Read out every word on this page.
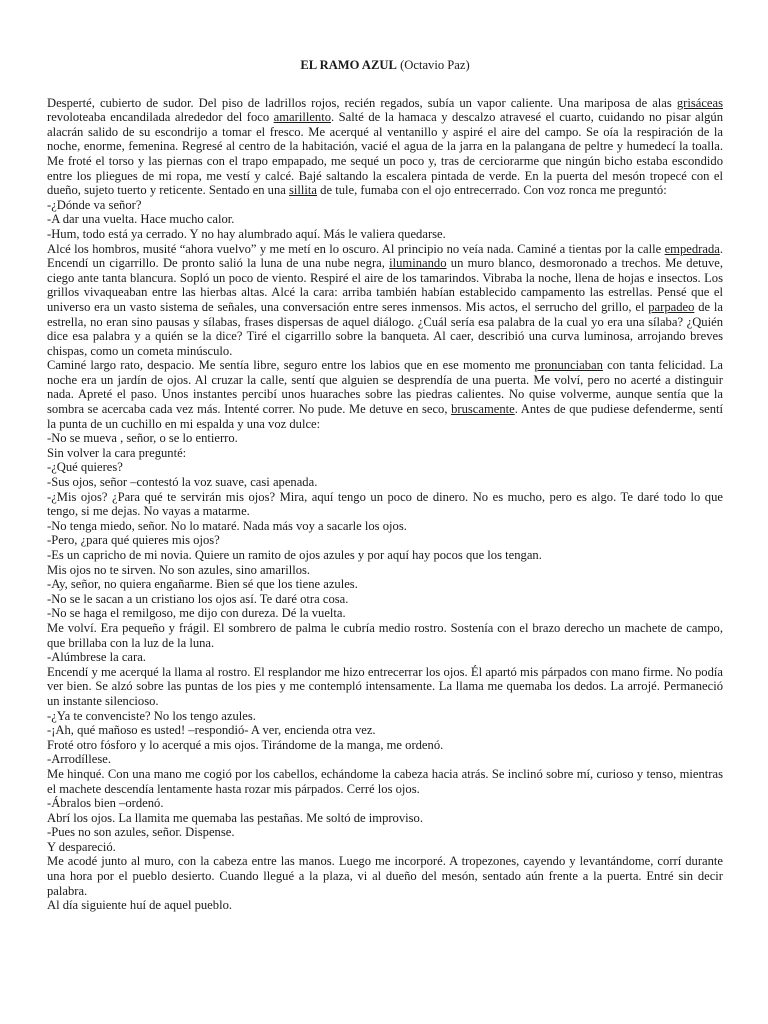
EL RAMO AZUL (Octavio Paz)

Desperté, cubierto de sudor. Del piso de ladrillos rojos, recién regados, subía un vapor caliente. Una mariposa de alas grisáceas revoloteaba encandilada alrededor del foco amarillento. Salté de la hamaca y descalzo atravesé el cuarto, cuidando no pisar algún alacrán salido de su escondrijo a tomar el fresco. Me acerqué al ventanillo y aspiré el aire del campo. Se oía la respiración de la noche, enorme, femenina. Regresé al centro de la habitación, vacié el agua de la jarra en la palangana de peltre y humedecí la toalla. Me froté el torso y las piernas con el trapo empapado, me sequé un poco y, tras de cerciorarme que ningún bicho estaba escondido entre los pliegues de mi ropa, me vestí y calcé. Bajé saltando la escalera pintada de verde. En la puerta del mesón tropecé con el dueño, sujeto tuerto y reticente. Sentado en una sillita de tule, fumaba con el ojo entrecerrado. Con voz ronca me preguntó:

-¿Dónde va señor?

-A dar una vuelta. Hace mucho calor.

-Hum, todo está ya cerrado. Y no hay alumbrado aquí. Más le valiera quedarse.

Alcé los hombros, musité “ahora vuelvo” y me metí en lo oscuro. Al principio no veía nada. Caminé a tientas por la calle empedrada. Encendí un cigarrillo. De pronto salió la luna de una nube negra, iluminando un muro blanco, desmoronado a trechos. Me detuve, ciego ante tanta blancura. Sopló un poco de viento. Respiré el aire de los tamarindos. Vibraba la noche, llena de hojas e insectos. Los grillos vivaqueaban entre las hierbas altas. Alcé la cara: arriba también habían establecido campamento las estrellas. Pensé que el universo era un vasto sistema de señales, una conversación entre seres inmensos. Mis actos, el serrucho del grillo, el parpadeo de la estrella, no eran sino pausas y sílabas, frases dispersas de aquel diálogo. ¿Cuál sería esa palabra de la cual yo era una sílaba? ¿Quién dice esa palabra y a quién se la dice? Tiré el cigarrillo sobre la banqueta. Al caer, describió una curva luminosa, arrojando breves chispas, como un cometa minúsculo.

Caminé largo rato, despacio. Me sentía libre, seguro entre los labios que en ese momento me pronunciaban con tanta felicidad. La noche era un jardín de ojos. Al cruzar la calle, sentí que alguien se desprendía de una puerta. Me volví, pero no acerté a distinguir nada. Apreté el paso. Unos instantes percibí unos huaraches sobre las piedras calientes. No quise volverme, aunque sentía que la sombra se acercaba cada vez más. Intenté correr. No pude. Me detuve en seco, bruscamente. Antes de que pudiese defenderme, sentí la punta de un cuchillo en mi espalda y una voz dulce:

-No se mueva , señor, o se lo entierro.

Sin volver la cara pregunté:

-¿Qué quieres?

-Sus ojos, señor –contestó la voz suave, casi apenada.

-¿Mis ojos? ¿Para qué te servirán mis ojos? Mira, aquí tengo un poco de dinero. No es mucho, pero es algo. Te daré todo lo que tengo, si me dejas. No vayas a matarme.

-No tenga miedo, señor. No lo mataré. Nada más voy a sacarle los ojos.

-Pero, ¿para qué quieres mis ojos?

-Es un capricho de mi novia. Quiere un ramito de ojos azules y por aquí hay pocos que los tengan.

Mis ojos no te sirven. No son azules, sino amarillos.

-Ay, señor, no quiera engañarme. Bien sé que los tiene azules.

-No se le sacan a un cristiano los ojos así. Te daré otra cosa.

-No se haga el remilgoso, me dijo con dureza. Dé la vuelta.

Me volví. Era pequeño y frágil. El sombrero de palma le cubría medio rostro. Sostenía con el brazo derecho un machete de campo, que brillaba con la luz de la luna.

-Alúmbrese la cara.

Encendí y me acerqué la llama al rostro. El resplandor me hizo entrecerrar los ojos. Él apartó mis párpados con mano firme. No podía ver bien. Se alzó sobre las puntas de los pies y me contempló intensamente. La llama me quemaba los dedos. La arrojé. Permaneció un instante silencioso.

-¿Ya te convenciste? No los tengo azules.

-¡Ah, qué mañoso es usted! –respondió- A ver, encienda otra vez.

Froté otro fósforo y lo acerqué a mis ojos. Tirándome de la manga, me ordenó.

-Arrodíllese.

Me hinqué. Con una mano me cogió por los cabellos, echándome la cabeza hacia atrás. Se inclinó sobre mí, curioso y tenso, mientras el machete descendía lentamente hasta rozar mis párpados. Cerré los ojos.

-Ábralos bien –ordenó.

Abrí los ojos. La llamita me quemaba las pestañas. Me soltó de improviso.

-Pues no son azules, señor. Dispense.

Y despareció.

Me acodé junto al muro, con la cabeza entre las manos. Luego me incorporé. A tropezones, cayendo y levantándome, corrí durante una hora por el pueblo desierto. Cuando llegué a la plaza, vi al dueño del mesón, sentado aún frente a la puerta. Entré sin decir palabra.

Al día siguiente huí de aquel pueblo.
